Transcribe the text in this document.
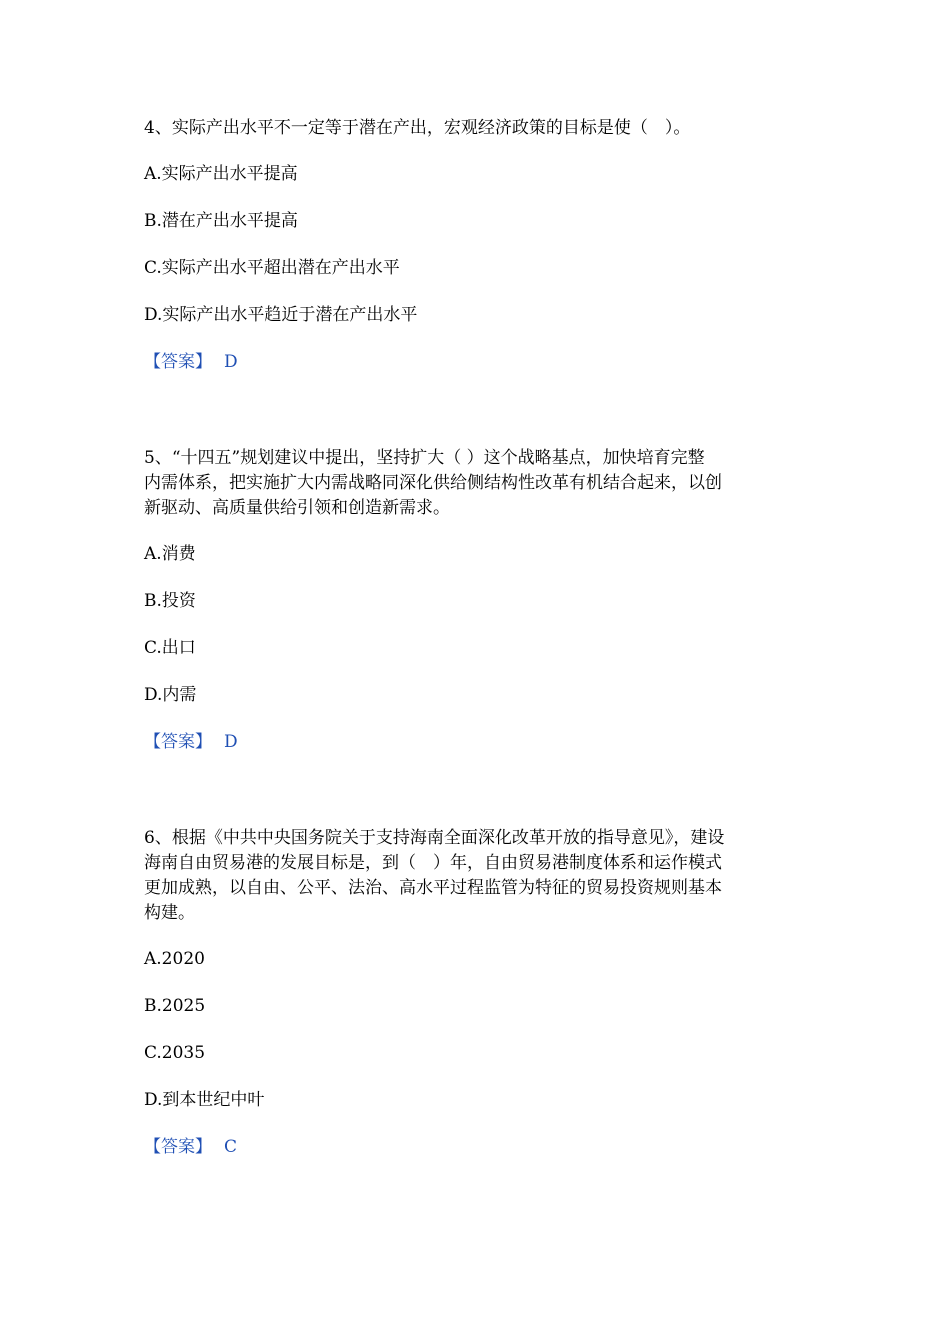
4、实际产出水平不一定等于潜在产出，宏观经济政策的目标是使（　）。
A.实际产出水平提高
B.潜在产出水平提高
C.实际产出水平超出潜在产出水平
D.实际产出水平趋近于潜在产出水平
【答案】 D
5、“十四五”规划建议中提出，坚持扩大（ ）这个战略基点，加快培育完整
内需体系，把实施扩大内需战略同深化供给侧结构性改革有机结合起来，以创
新驱动、高质量供给引领和创造新需求。
A.消费
B.投资
C.出口
D.内需
【答案】 D
6、根据《中共中央国务院关于支持海南全面深化改革开放的指导意见》，建设
海南自由贸易港的发展目标是，到（　）年，自由贸易港制度体系和运作模式
更加成熟，以自由、公平、法治、高水平过程监管为特征的贸易投资规则基本
构建。
A.2020
B.2025
C.2035
D.到本世纪中叶
【答案】 C
